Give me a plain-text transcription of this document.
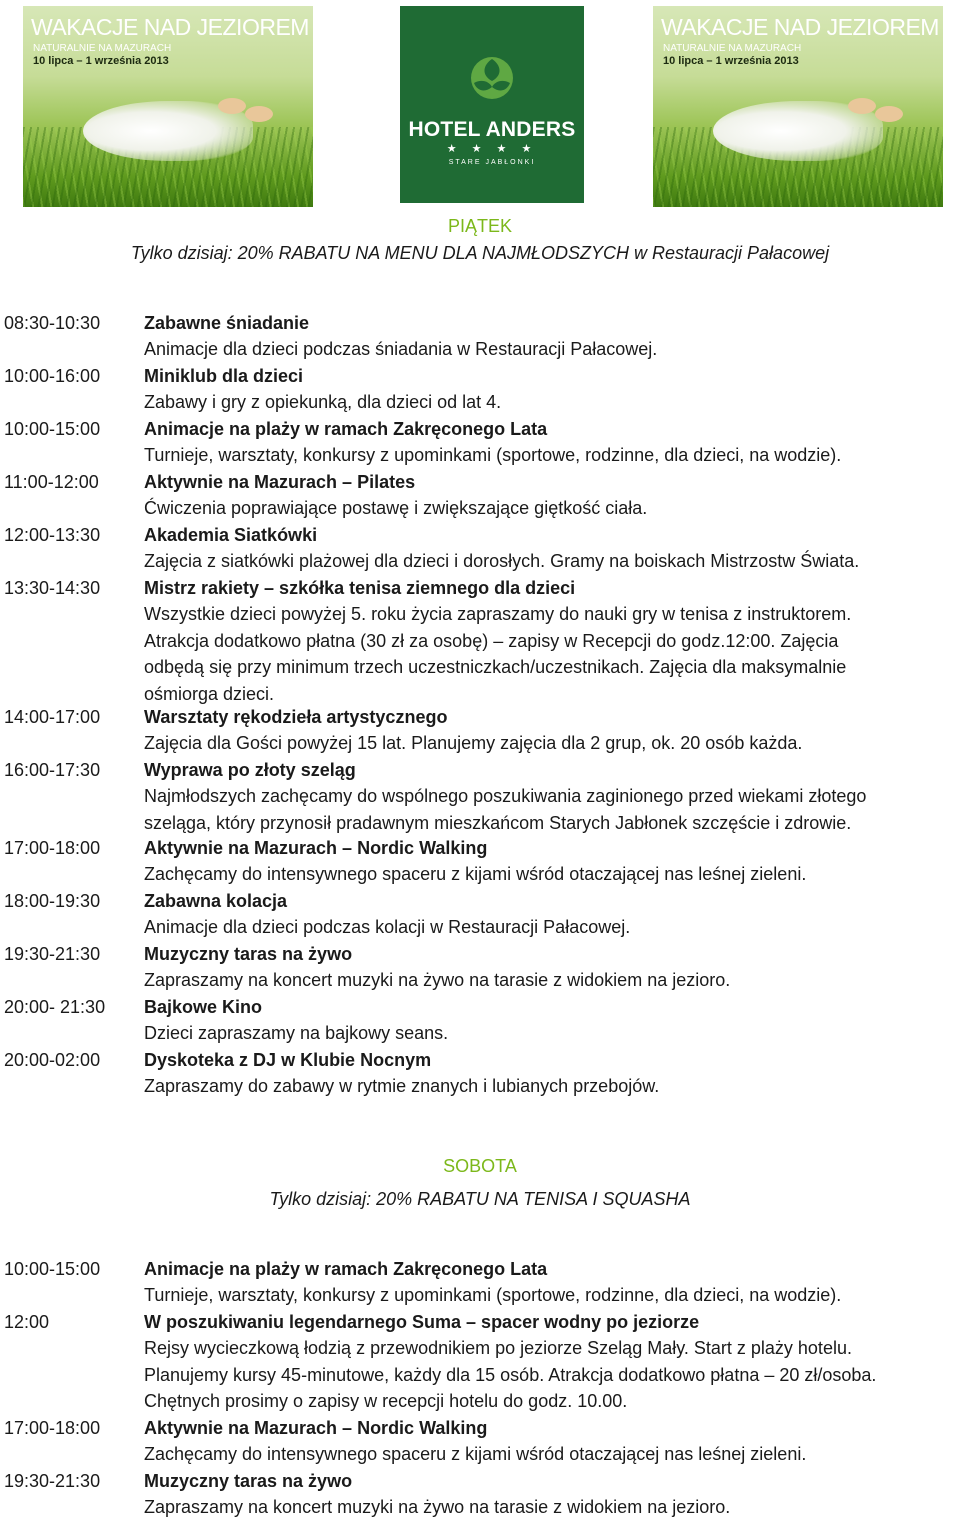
WAKACJE NAD JEZIOREM
NATURALNIE NA MAZURACH
10 lipca – 1 września 2013
HOTEL ANDERS
★ ★ ★ ★
STARE JABŁONKI
WAKACJE NAD JEZIOREM
NATURALNIE NA MAZURACH
10 lipca – 1 września 2013
PIĄTEK
Tylko dzisiaj: 20% RABATU NA MENU DLA NAJMŁODSZYCH w Restauracji Pałacowej
08:30-10:30 Zabawne śniadanie
Animacje dla dzieci podczas śniadania w Restauracji Pałacowej.
10:00-16:00 Miniklub dla dzieci
Zabawy i gry z opiekunką, dla dzieci od lat 4.
10:00-15:00 Animacje na plaży w ramach Zakręconego Lata
Turnieje, warsztaty, konkursy z upominkami (sportowe, rodzinne, dla dzieci, na wodzie).
11:00-12:00	Aktywnie na Mazurach – Pilates
Ćwiczenia poprawiające postawę i zwiększające giętkość ciała.
12:00-13:30 Akademia Siatkówki
Zajęcia z siatkówki plażowej dla dzieci i dorosłych. Gramy na boiskach Mistrzostw Świata.
13:30-14:30 Mistrz rakiety – szkółka tenisa ziemnego dla dzieci
Wszystkie dzieci powyżej 5. roku życia zapraszamy do nauki gry w tenisa z instruktorem.
Atrakcja dodatkowo płatna (30 zł za osobę) – zapisy w Recepcji do godz.12:00. Zajęcia
odbędą się przy minimum trzech uczestniczkach/uczestnikach. Zajęcia dla maksymalnie
ośmiorga dzieci.
14:00-17:00 Warsztaty rękodzieła artystycznego
Zajęcia dla Gości powyżej 15 lat. Planujemy zajęcia dla 2 grup, ok. 20 osób każda.
16:00-17:30 Wyprawa po złoty szeląg
Najmłodszych zachęcamy do wspólnego poszukiwania zaginionego przed wiekami złotego
szeląga, który przynosił pradawnym mieszkańcom Starych Jabłonek szczęście i zdrowie.
17:00-18:00 Aktywnie na Mazurach – Nordic Walking
Zachęcamy do intensywnego spaceru z kijami wśród otaczającej nas leśnej zieleni.
18:00-19:30 Zabawna kolacja
Animacje dla dzieci podczas kolacji w Restauracji Pałacowej.
19:30-21:30 Muzyczny taras na żywo
Zapraszamy na koncert muzyki na żywo na tarasie z widokiem na jezioro.
20:00- 21:30 Bajkowe Kino
Dzieci zapraszamy na bajkowy seans.
20:00-02:00 Dyskoteka z DJ w Klubie Nocnym
Zapraszamy do zabawy w rytmie znanych i lubianych przebojów.
SOBOTA
Tylko dzisiaj: 20% RABATU NA TENISA I SQUASHA
10:00-15:00 Animacje na plaży w ramach Zakręconego Lata
Turnieje, warsztaty, konkursy z upominkami (sportowe, rodzinne, dla dzieci, na wodzie).
12:00	W poszukiwaniu legendarnego Suma – spacer wodny po jeziorze
Rejsy wycieczkową łodzią z przewodnikiem po jeziorze Szeląg Mały. Start z plaży hotelu.
Planujemy kursy 45-minutowe, każdy dla 15 osób. Atrakcja dodatkowo płatna – 20 zł/osoba.
Chętnych prosimy o zapisy w recepcji hotelu do godz. 10.00.
17:00-18:00 Aktywnie na Mazurach – Nordic Walking
Zachęcamy do intensywnego spaceru z kijami wśród otaczającej nas leśnej zieleni.
19:30-21:30 Muzyczny taras na żywo
Zapraszamy na koncert muzyki na żywo na tarasie z widokiem na jezioro.
